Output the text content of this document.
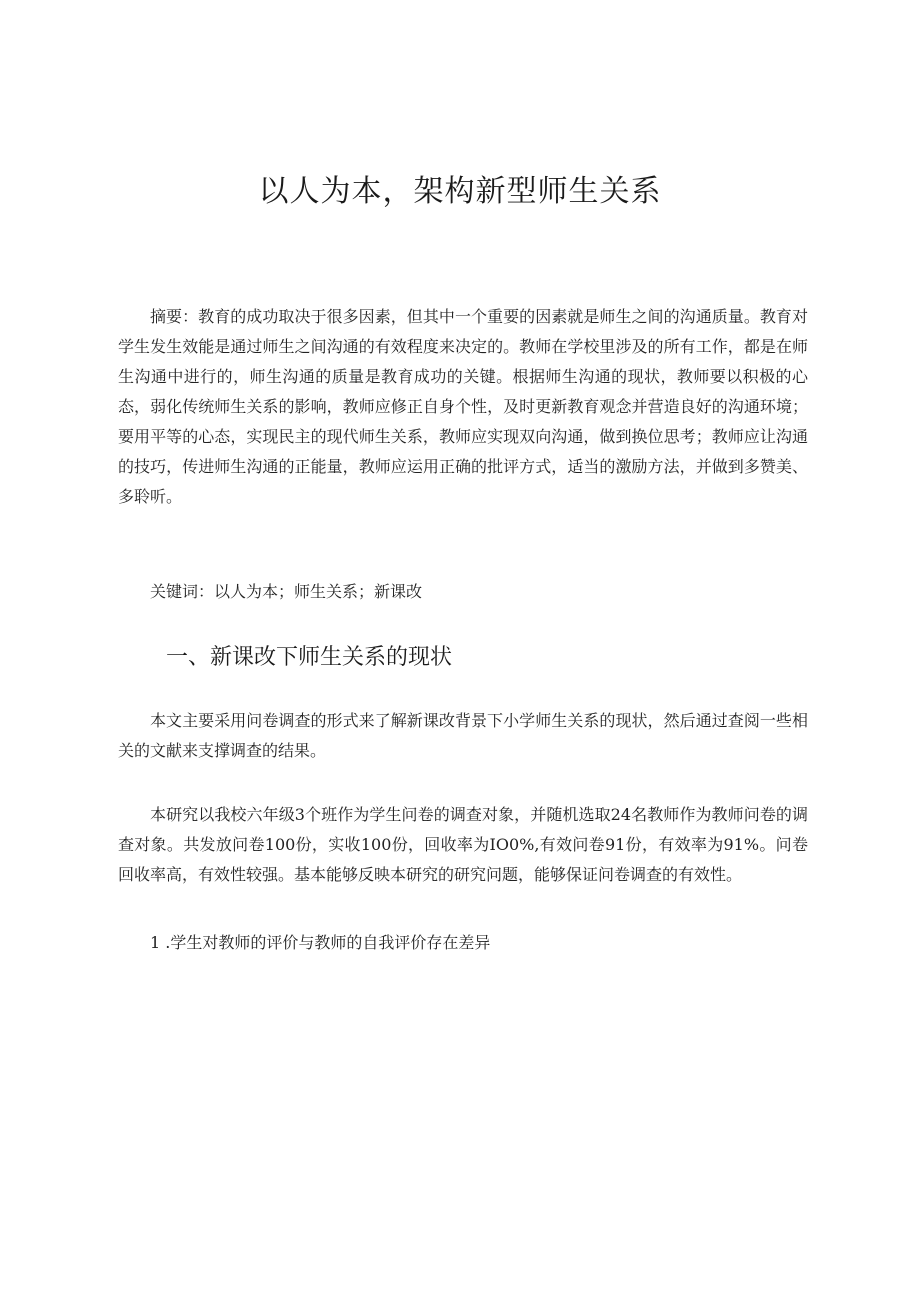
以人为本，架构新型师生关系

摘要：教育的成功取决于很多因素，但其中一个重要的因素就是师生之间的沟通质量。教育对学生发生效能是通过师生之间沟通的有效程度来决定的。教师在学校里涉及的所有工作，都是在师生沟通中进行的，师生沟通的质量是教育成功的关键。根据师生沟通的现状，教师要以积极的心态，弱化传统师生关系的影响，教师应修正自身个性，及时更新教育观念并营造良好的沟通环境；要用平等的心态，实现民主的现代师生关系，教师应实现双向沟通，做到换位思考；教师应让沟通的技巧，传进师生沟通的正能量，教师应运用正确的批评方式，适当的激励方法，并做到多赞美、多聆听。

关键词：以人为本；师生关系；新课改

一、新课改下师生关系的现状

本文主要采用问卷调查的形式来了解新课改背景下小学师生关系的现状，然后通过查阅一些相关的文献来支撑调查的结果。

本研究以我校六年级3个班作为学生问卷的调查对象，并随机选取24名教师作为教师问卷的调查对象。共发放问卷100份，实收100份，回收率为IO0%,有效问卷91份，有效率为91%。问卷回收率高，有效性较强。基本能够反映本研究的研究问题，能够保证问卷调查的有效性。

1 .学生对教师的评价与教师的自我评价存在差异
